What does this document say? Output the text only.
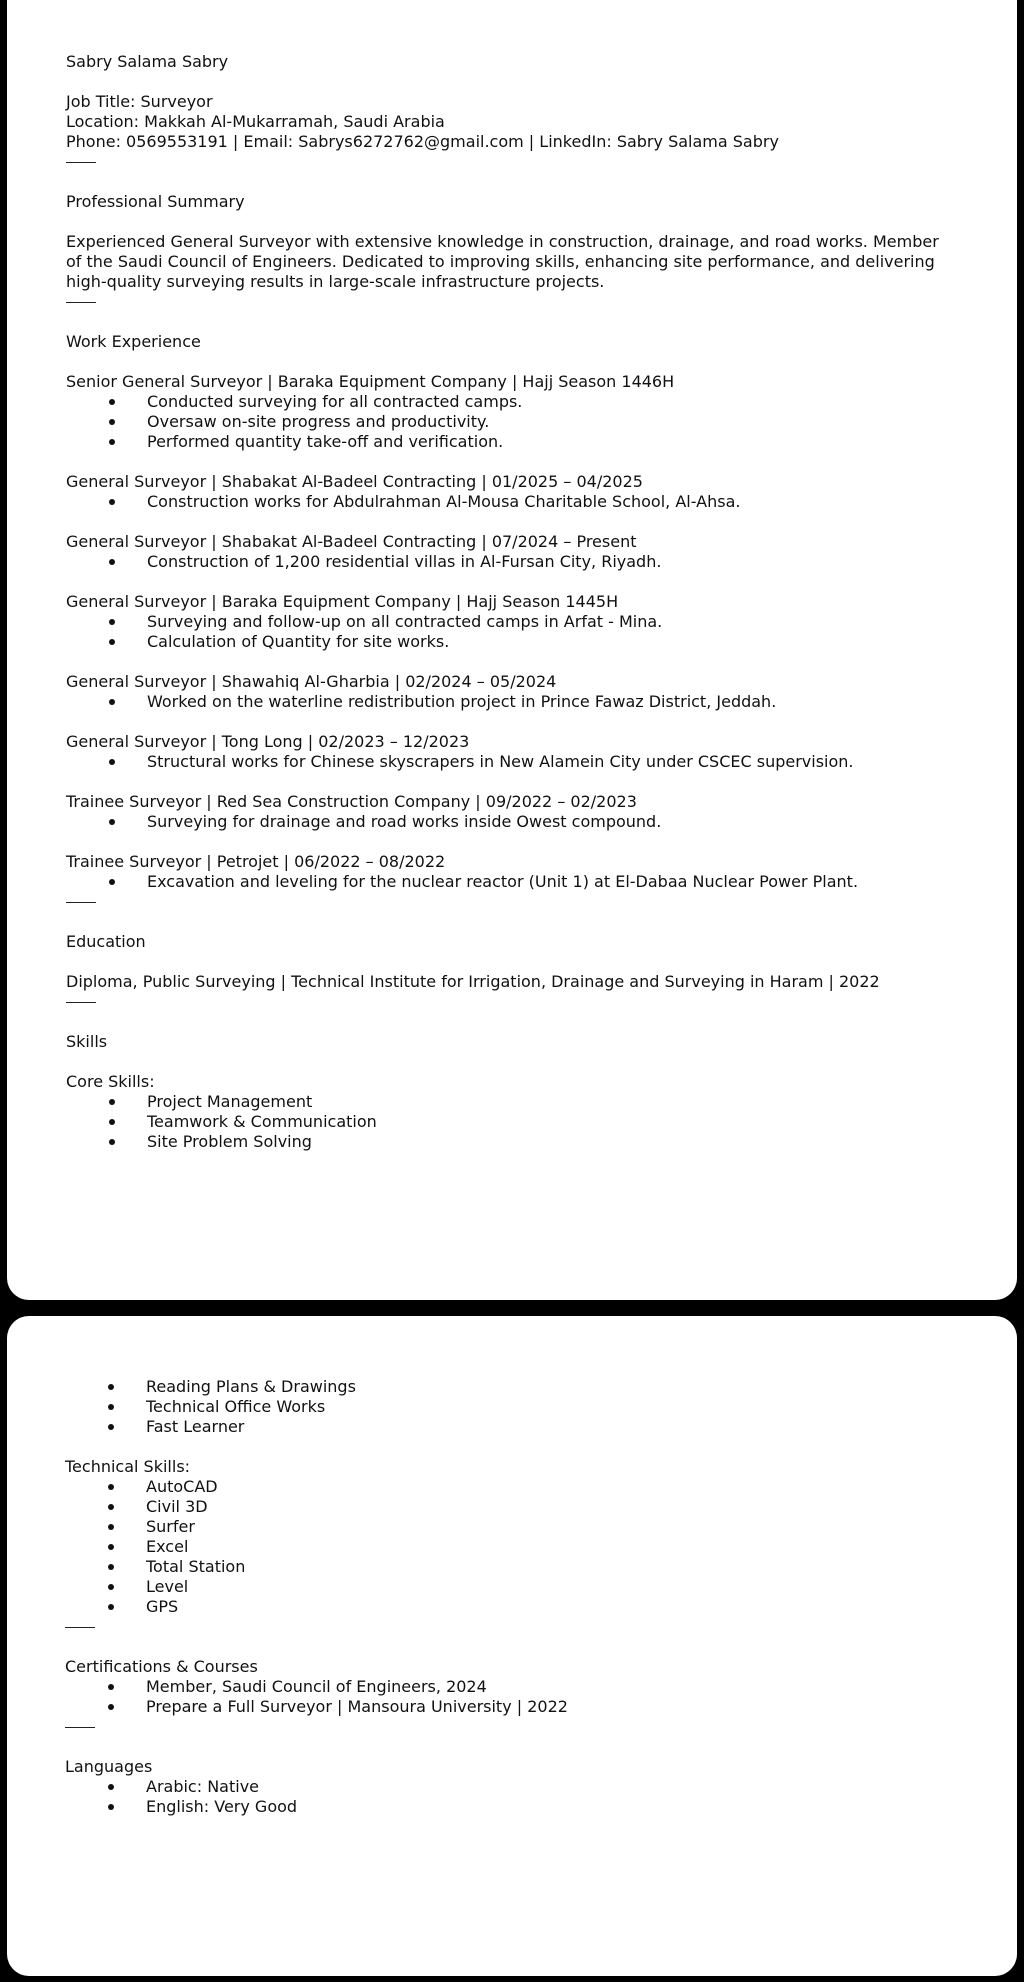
Sabry Salama Sabry

Job Title: Surveyor

Location: Makkah Al-Mukarramah, Saudi Arabia

Phone: 0569553191 | Email: Sabrys6272762@gmail.com | LinkedIn: Sabry Salama Sabry

Professional Summary

Experienced General Surveyor with extensive knowledge in construction, drainage, and road works. Member of the Saudi Council of Engineers. Dedicated to improving skills, enhancing site performance, and delivering high-quality surveying results in large-scale infrastructure projects.

Work Experience

Senior General Surveyor | Baraka Equipment Company | Hajj Season 1446H

Conducted surveying for all contracted camps.
Oversaw on-site progress and productivity.
Performed quantity take-off and verification.

General Surveyor | Shabakat Al-Badeel Contracting | 01/2025 – 04/2025

Construction works for Abdulrahman Al-Mousa Charitable School, Al-Ahsa.

General Surveyor | Shabakat Al-Badeel Contracting | 07/2024 – Present

Construction of 1,200 residential villas in Al-Fursan City, Riyadh.

General Surveyor | Baraka Equipment Company | Hajj Season 1445H

Surveying and follow-up on all contracted camps in Arfat - Mina.
Calculation of Quantity for site works.

General Surveyor | Shawahiq Al-Gharbia | 02/2024 – 05/2024

Worked on the waterline redistribution project in Prince Fawaz District, Jeddah.

General Surveyor | Tong Long | 02/2023 – 12/2023

Structural works for Chinese skyscrapers in New Alamein City under CSCEC supervision.

Trainee Surveyor | Red Sea Construction Company | 09/2022 – 02/2023

Surveying for drainage and road works inside Owest compound.

Trainee Surveyor | Petrojet | 06/2022 – 08/2022

Excavation and leveling for the nuclear reactor (Unit 1) at El-Dabaa Nuclear Power Plant.

Education

Diploma, Public Surveying | Technical Institute for Irrigation, Drainage and Surveying in Haram | 2022

Skills

Core Skills:

Project Management
Teamwork & Communication
Site Problem Solving
Reading Plans & Drawings
Technical Office Works
Fast Learner

Technical Skills:

AutoCAD
Civil 3D
Surfer
Excel
Total Station
Level
GPS

Certifications & Courses

Member, Saudi Council of Engineers, 2024
Prepare a Full Surveyor | Mansoura University | 2022

Languages

Arabic: Native
English: Very Good
